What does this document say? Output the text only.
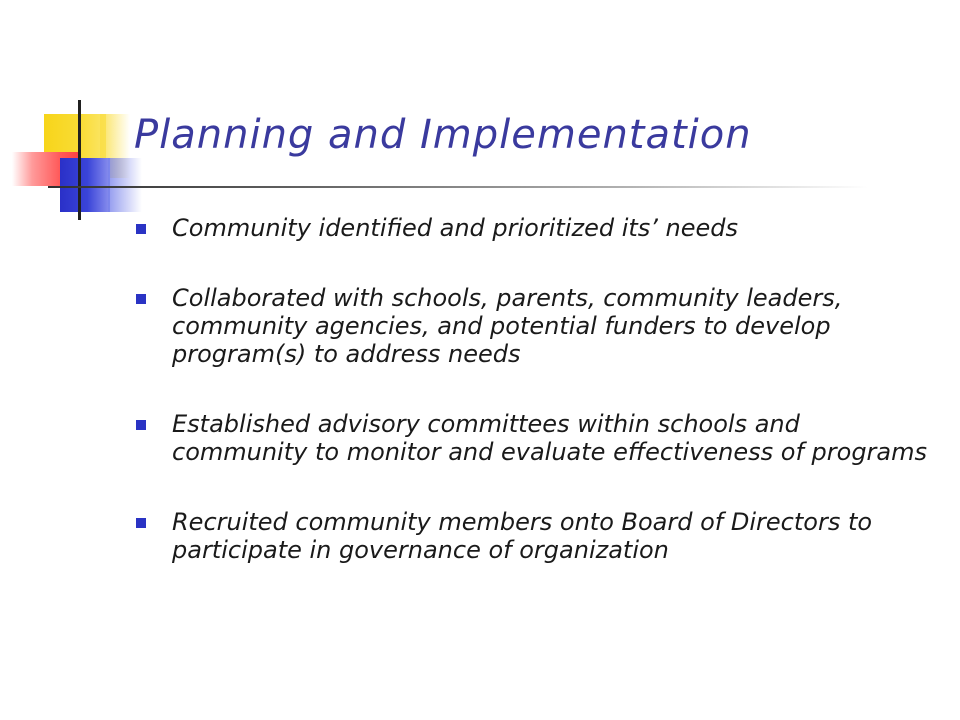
Planning and Implementation
Community identified and prioritized its’ needs
Collaborated with schools, parents, community leaders, community agencies, and potential funders to develop program(s) to address needs
Established advisory committees within schools and community to monitor and evaluate effectiveness of programs
Recruited community members onto Board of Directors to participate in governance of organization
